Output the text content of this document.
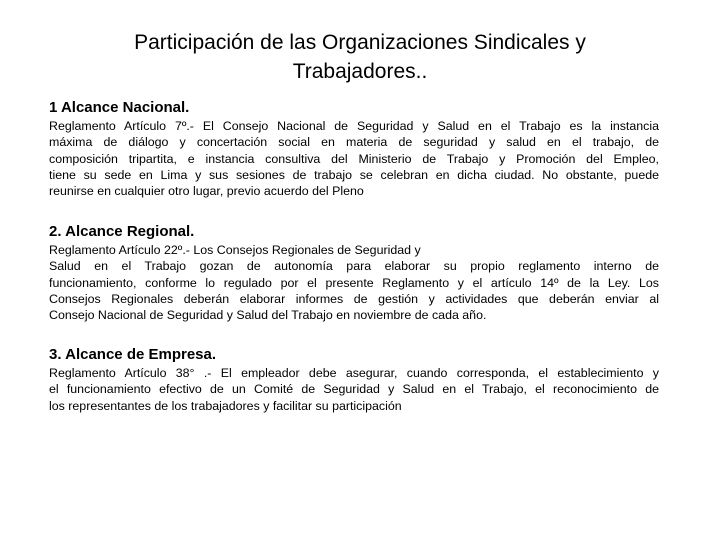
Participación de las Organizaciones Sindicales y Trabajadores..

1 Alcance Nacional.

Reglamento Artículo 7º.- El Consejo Nacional de Seguridad y Salud en el Trabajo es la instancia
máxima de diálogo y concertación social en materia de seguridad y salud en el trabajo, de
composición tripartita, e instancia consultiva del Ministerio de Trabajo y Promoción del Empleo,
tiene su sede en Lima y sus sesiones de trabajo se celebran en dicha ciudad. No obstante, puede
reunirse en cualquier otro lugar, previo acuerdo del Pleno

2. Alcance Regional.

Reglamento Artículo 22º.- Los Consejos Regionales de Seguridad y
Salud en el Trabajo gozan de autonomía para elaborar su propio reglamento interno de
funcionamiento, conforme lo regulado por el presente Reglamento y el artículo 14º de la Ley. Los
Consejos Regionales deberán elaborar informes de gestión y actividades que deberán enviar al
Consejo Nacional de Seguridad y Salud del Trabajo en noviembre de cada año.

3. Alcance de Empresa.

Reglamento Artículo 38° .- El empleador debe asegurar, cuando corresponda, el establecimiento y
el funcionamiento efectivo de un Comité de Seguridad y Salud en el Trabajo, el reconocimiento de
los representantes de los trabajadores y facilitar su participación
